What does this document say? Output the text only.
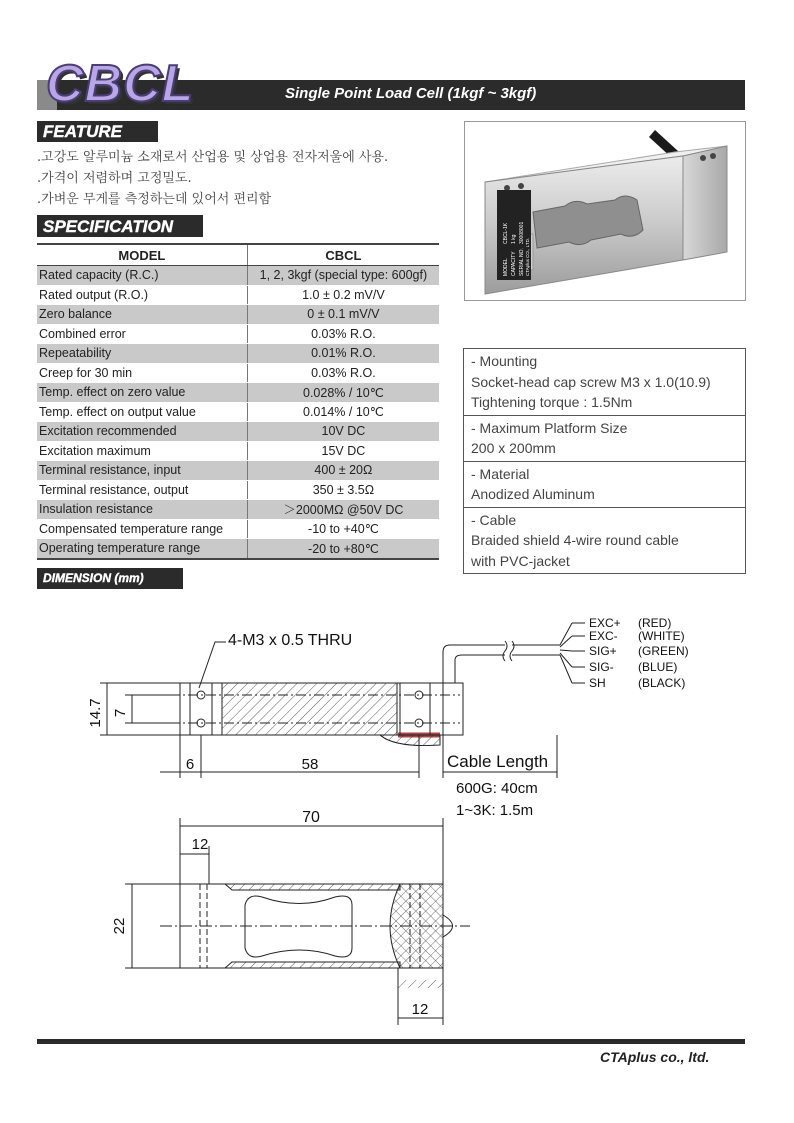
CBCL	Single Point Load Cell (1kgf ~ 3kgf)
FEATURE
.고강도 알루미늄 소재로서 산업용 및 상업용 전자저울에 사용.
.가격이 저렴하며 고정밀도.
.가벼운 무게를 측정하는데 있어서 편리함
SPECIFICATION
MODEL	CBCL
Rated capacity (R.C.)	1, 2, 3kgf (special type: 600gf)
Rated output (R.O.)	1.0 ± 0.2 mV/V
Zero balance	0 ± 0.1 mV/V
Combined error	0.03% R.O.
Repeatability	0.01% R.O.
Creep for 30 min	0.03% R.O.
Temp. effect on zero value	0.028% / 10℃
Temp. effect on output value	0.014% / 10℃
Excitation recommended	10V DC
Excitation maximum	15V DC
Terminal resistance, input	400 ± 20Ω
Terminal resistance, output	350 ± 3.5Ω
Insulation resistance	＞2000MΩ @50V DC
Compensated temperature range	-10 to +40℃
Operating temperature range	-20 to +80℃
MODEL CAPACITY SERIAL NO.
CBCL-1K 1 kg 30008001
CTAplus CO., LTD.
- Mounting
Socket-head cap screw M3 x 1.0(10.9)
Tightening torque : 1.5Nm
- Maximum Platform Size
200 x 200mm
- Material
Anodized Aluminum
- Cable
Braided shield 4-wire round cable
with PVC-jacket
DIMENSION (mm)
4-M3 x 0.5 THRU
14.7 7
6	58	Cable Length
600G: 40cm
1~3K: 1.5m
70
12
22
12
EXC+ (RED)
EXC- (WHITE)
SIG+ (GREEN)
SIG- (BLUE)
SH	(BLACK)
CTAplus co., ltd.
